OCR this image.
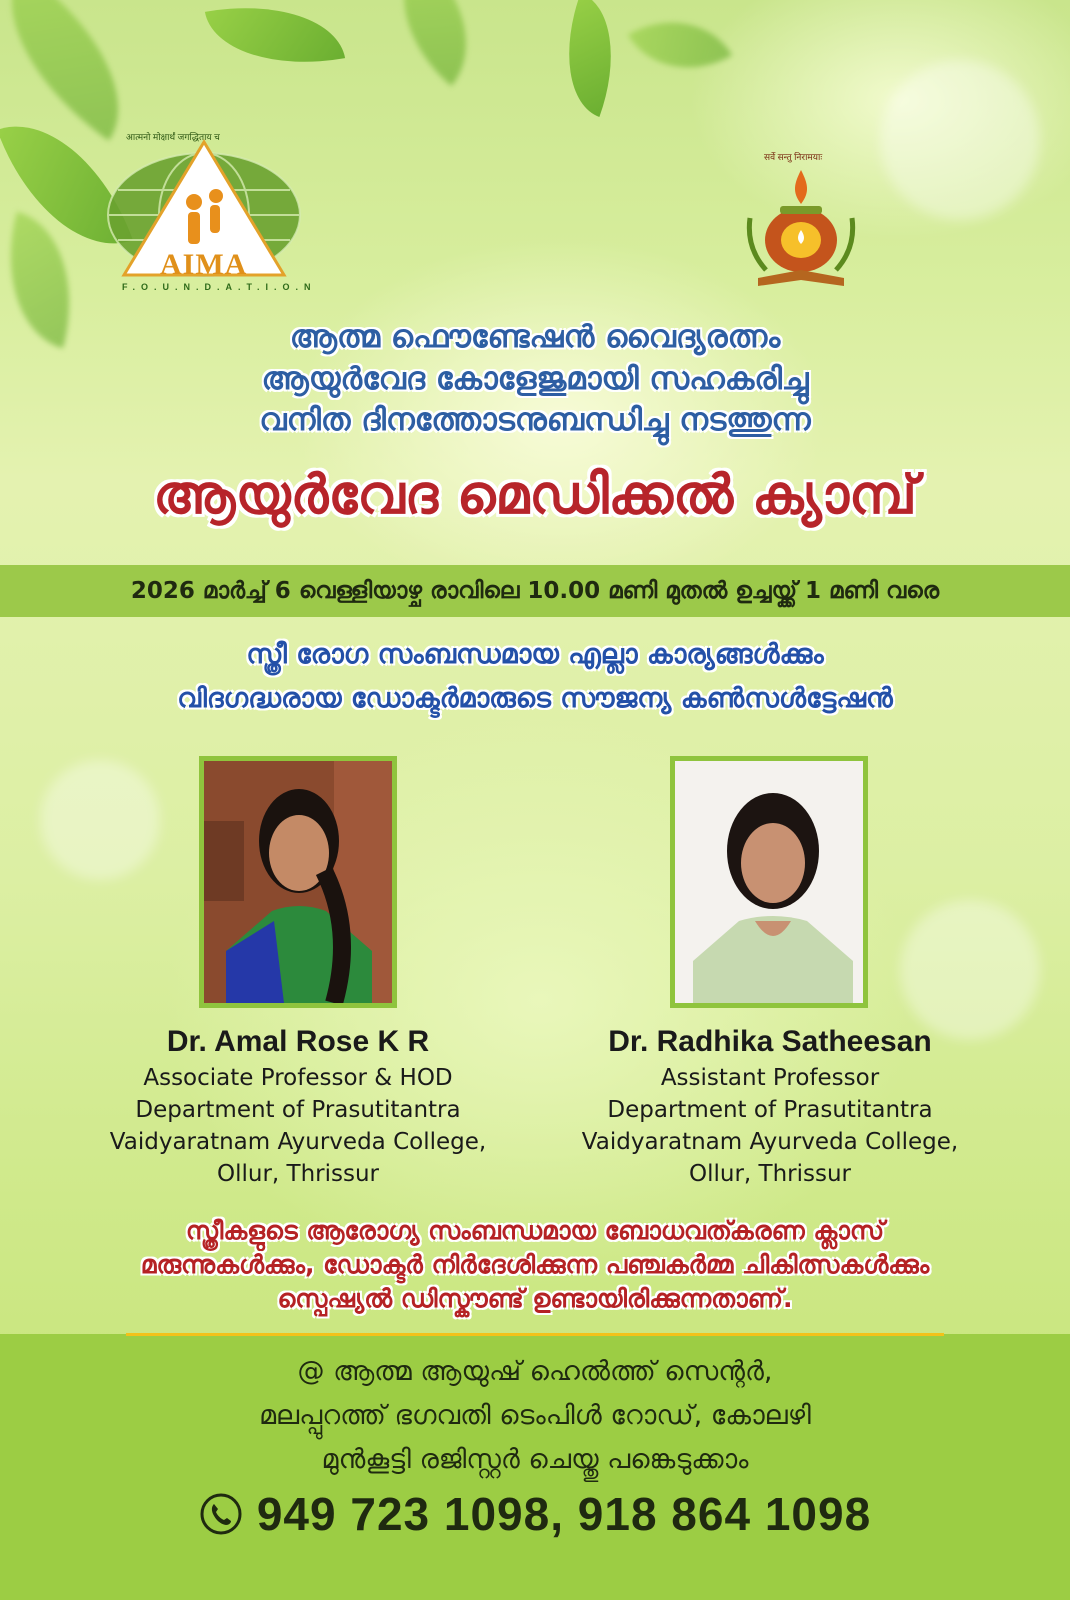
आत्मनो मोक्षार्थं जगद्धिताय च
AIMA
F.O.U.N.D.A.T.I.O.N
सर्वे सन्तु निरामयाः
ആത്മ ഫൌണ്ടേഷൻ വൈദ്യരത്നം
ആയുർവേദ കോളേജുമായി സഹകരിച്ചു
വനിത ദിനത്തോടനുബന്ധിച്ചു നടത്തുന്ന
ആയുർവേദ മെഡിക്കൽ ക്യാമ്പ്
2026 മാർച്ച് 6 വെള്ളിയാഴ്ച രാവിലെ 10.00 മണി മുതൽ ഉച്ചയ്ക്ക് 1 മണി വരെ
സ്ത്രീ രോഗ സംബന്ധമായ എല്ലാ കാര്യങ്ങൾക്കും
വിദഗദ്ധരായ ഡോക്ടർമാരുടെ സൗജന്യ കൺസൾട്ടേഷൻ
Dr. Amal Rose K R
Associate Professor & HOD
Department of Prasutitantra
Vaidyaratnam Ayurveda College,
Ollur, Thrissur
Dr. Radhika Satheesan
Assistant Professor
Department of Prasutitantra
Vaidyaratnam Ayurveda College,
Ollur, Thrissur
സ്ത്രീകളുടെ ആരോഗ്യ സംബന്ധമായ ബോധവത്കരണ ക്ലാസ്
മരുന്നുകൾക്കും, ഡോക്ടർ നിർദേശിക്കുന്ന പഞ്ചകർമ്മ ചികിത്സകൾക്കും
സ്പെഷ്യൽ ഡിസ്കൗണ്ട് ഉണ്ടായിരിക്കുന്നതാണ്.
@ ആത്മ ആയുഷ് ഹെൽത്ത് സെന്റർ,
മലപ്പുറത്ത് ഭഗവതി ടെംപിൾ റോഡ്, കോലഴി
മുൻകൂട്ടി രജിസ്റ്റർ ചെയ്തു പങ്കെടുക്കാം
949 723 1098, 918 864 1098
